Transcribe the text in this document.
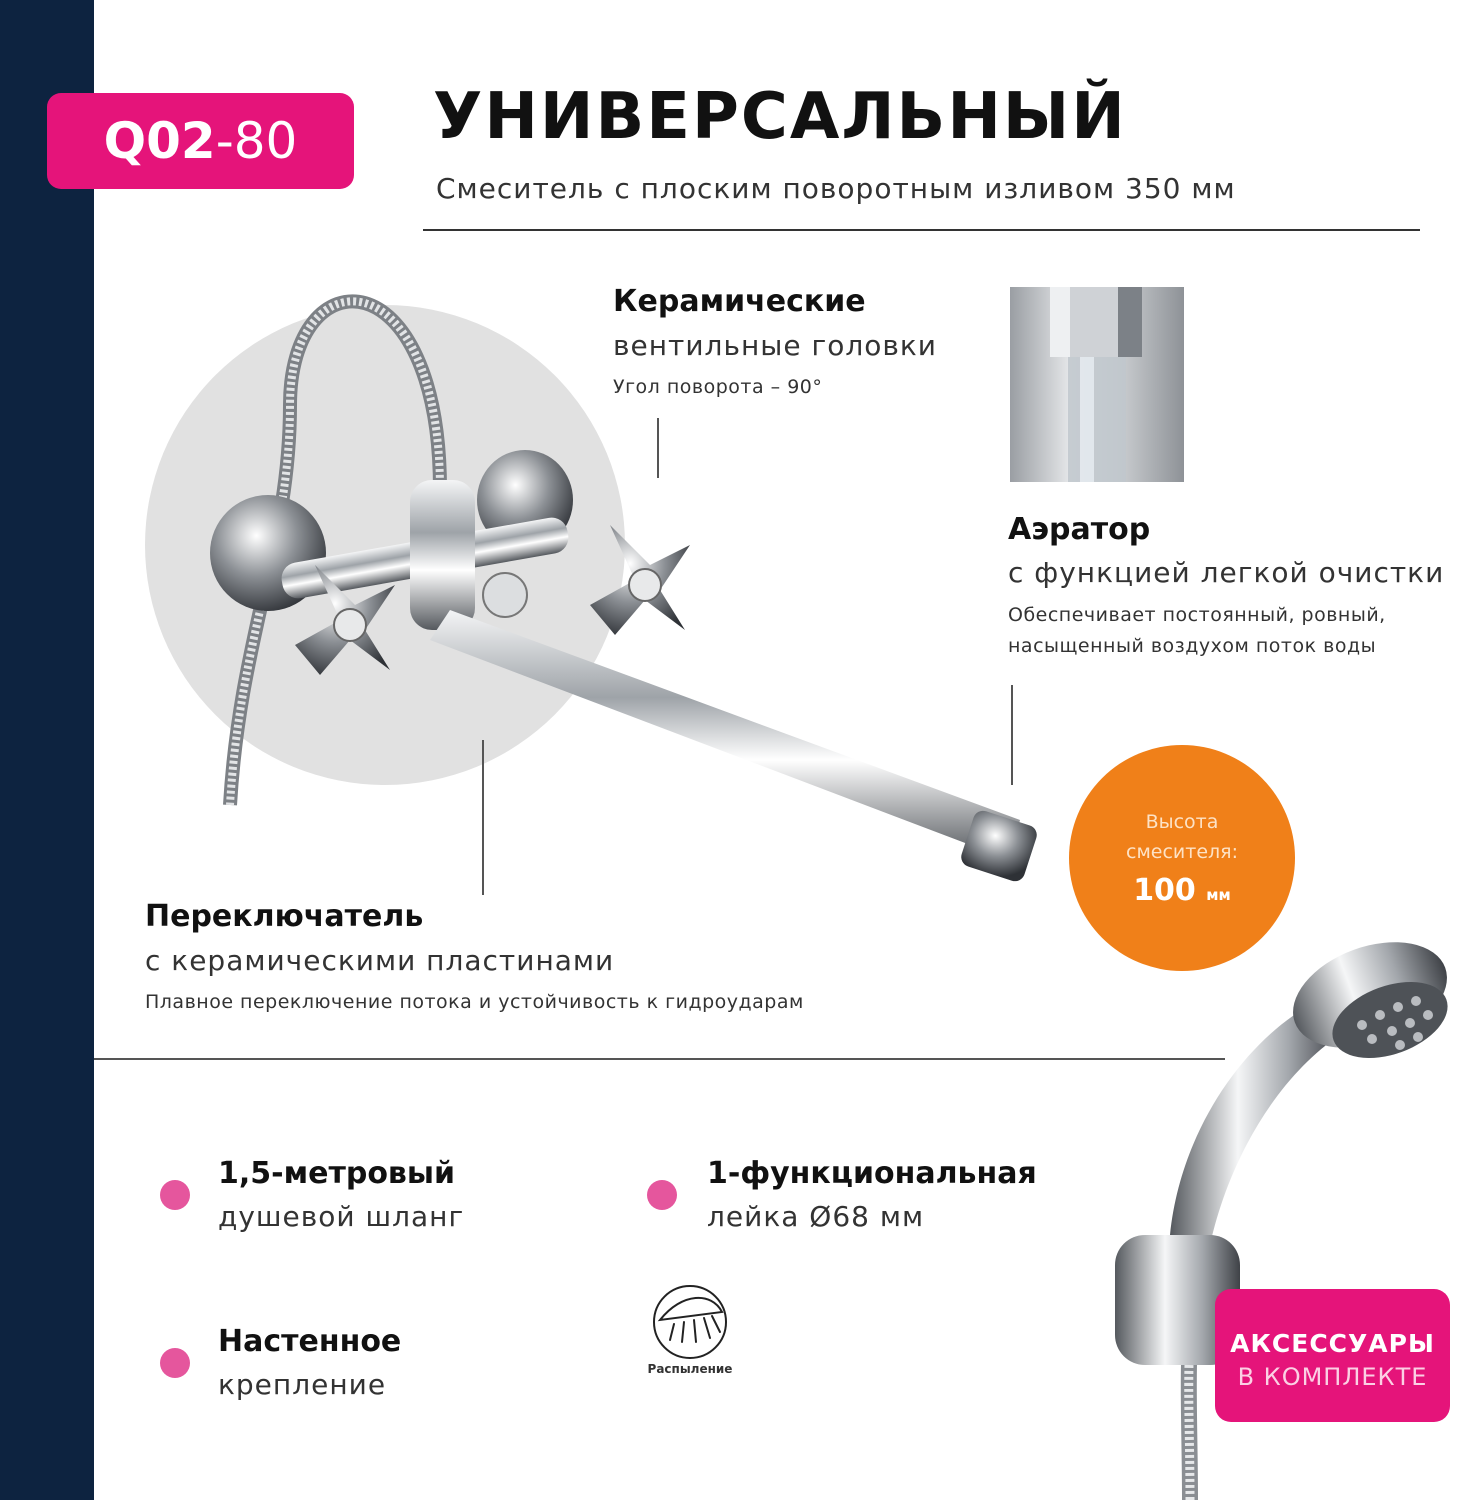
Q02 -80 УНИВЕРСАЛЬНЫЙ
Смеситель с плоским поворотным изливом 350 мм
Керамические
вентильные головки
Угол поворота – 90°
Аэратор
с функцией легкой очистки
Обеспечивает постоянный, ровный,
насыщенный воздухом поток воды
Высота
смесителя:
100 мм
Переключатель
с керамическими пластинами
Плавное переключение потока и устойчивость к гидроударам
1,5-метровый
душевой шланг
1-функциональная
лейка Ø68 мм
Настенное
крепление	Распыление
АКСЕССУАРЫ
В КОМПЛЕКТЕ
